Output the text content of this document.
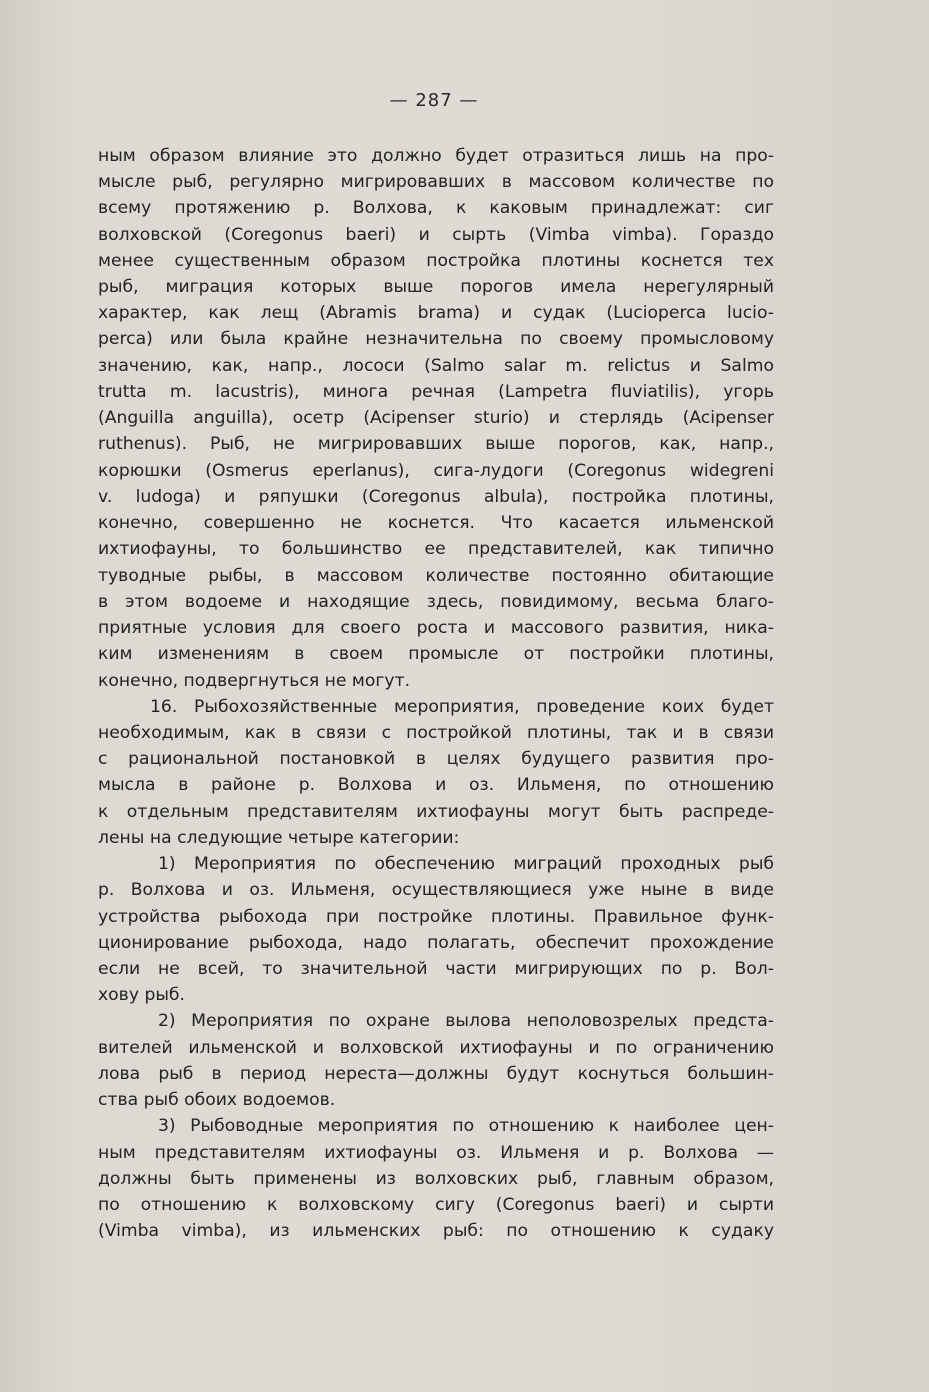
— 287 —
ным образом влияние это должно будет отразиться лишь на про-
мысле рыб, регулярно мигрировавших в массовом количестве по
всему протяжению р. Волхова, к каковым принадлежат: сиг
волховской (Coregonus baeri) и сырть (Vimba vimba). Гораздо
менее существенным образом постройка плотины коснется тех
рыб, миграция которых выше порогов имела нерегулярный
характер, как лещ (Abramis brama) и судак (Lucioperca lucio-
perca) или была крайне незначительна по своему промысловому
значению, как, напр., лососи (Salmo salar m. relictus и Salmo
trutta m. lacustris), минога речная (Lampetra fluviatilis), угорь
(Anguilla anguilla), осетр (Acipenser sturio) и стерлядь (Acipenser
ruthenus). Рыб, не мигрировавших выше порогов, как, напр.,
корюшки (Osmerus eperlanus), сига-лудоги (Coregonus widegreni
v. ludoga) и ряпушки (Coregonus albula), постройка плотины,
конечно, совершенно не коснется. Что касается ильменской
ихтиофауны, то большинство ее представителей, как типично
туводные рыбы, в массовом количестве постоянно обитающие
в этом водоеме и находящие здесь, повидимому, весьма благо-
приятные условия для своего роста и массового развития, ника-
ким изменениям в своем промысле от постройки плотины,
конечно, подвергнуться не могут.
16. Рыбохозяйственные мероприятия, проведение коих будет
необходимым, как в связи с постройкой плотины, так и в связи
с рациональной постановкой в целях будущего развития про-
мысла в районе р. Волхова и оз. Ильменя, по отношению
к отдельным представителям ихтиофауны могут быть распреде-
лены на следующие четыре категории:
1) Мероприятия по обеспечению миграций проходных рыб
р. Волхова и оз. Ильменя, осуществляющиеся уже ныне в виде
устройства рыбохода при постройке плотины. Правильное функ-
ционирование рыбохода, надо полагать, обеспечит прохождение
если не всей, то значительной части мигрирующих по р. Вол-
хову рыб.
2) Мероприятия по охране вылова неполовозрелых предста-
вителей ильменской и волховской ихтиофауны и по ограничению
лова рыб в период нереста—должны будут коснуться большин-
ства рыб обоих водоемов.
3) Рыбоводные мероприятия по отношению к наиболее цен-
ным представителям ихтиофауны оз. Ильменя и р. Волхова —
должны быть применены из волховских рыб, главным образом,
по отношению к волховскому сигу (Coregonus baeri) и сырти
(Vimba vimba), из ильменских рыб: по отношению к судаку
